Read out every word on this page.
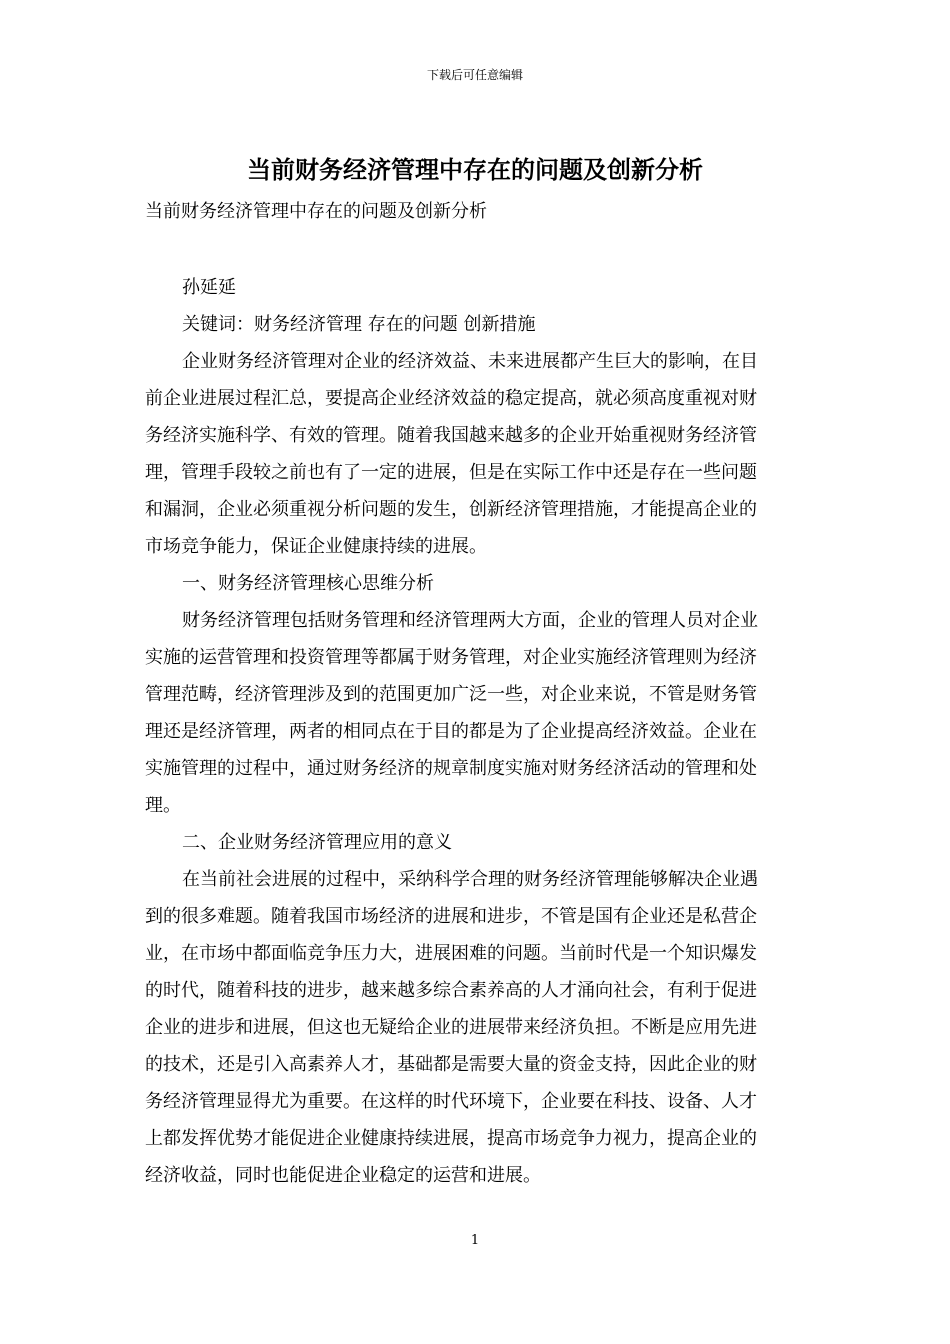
下载后可任意编辑
当前财务经济管理中存在的问题及创新分析

当前财务经济管理中存在的问题及创新分析

孙延延
关键词：财务经济管理 存在的问题 创新措施
企业财务经济管理对企业的经济效益、未来进展都产生巨大的影响，在目
前企业进展过程汇总，要提高企业经济效益的稳定提高，就必须高度重视对财
务经济实施科学、有效的管理。随着我国越来越多的企业开始重视财务经济管
理，管理手段较之前也有了一定的进展，但是在实际工作中还是存在一些问题
和漏洞，企业必须重视分析问题的发生，创新经济管理措施，才能提高企业的
市场竞争能力，保证企业健康持续的进展。
一、财务经济管理核心思维分析
财务经济管理包括财务管理和经济管理两大方面，企业的管理人员对企业
实施的运营管理和投资管理等都属于财务管理，对企业实施经济管理则为经济
管理范畴，经济管理涉及到的范围更加广泛一些，对企业来说，不管是财务管
理还是经济管理，两者的相同点在于目的都是为了企业提高经济效益。企业在
实施管理的过程中，通过财务经济的规章制度实施对财务经济活动的管理和处
理。
二、企业财务经济管理应用的意义
在当前社会进展的过程中，采纳科学合理的财务经济管理能够解决企业遇
到的很多难题。随着我国市场经济的进展和进步，不管是国有企业还是私营企
业，在市场中都面临竞争压力大，进展困难的问题。当前时代是一个知识爆发
的时代，随着科技的进步，越来越多综合素养高的人才涌向社会，有利于促进
企业的进步和进展，但这也无疑给企业的进展带来经济负担。不断是应用先进
的技术，还是引入高素养人才，基础都是需要大量的资金支持，因此企业的财
务经济管理显得尤为重要。在这样的时代环境下，企业要在科技、设备、人才
上都发挥优势才能促进企业健康持续进展，提高市场竞争力视力，提高企业的
经济收益，同时也能促进企业稳定的运营和进展。
1
